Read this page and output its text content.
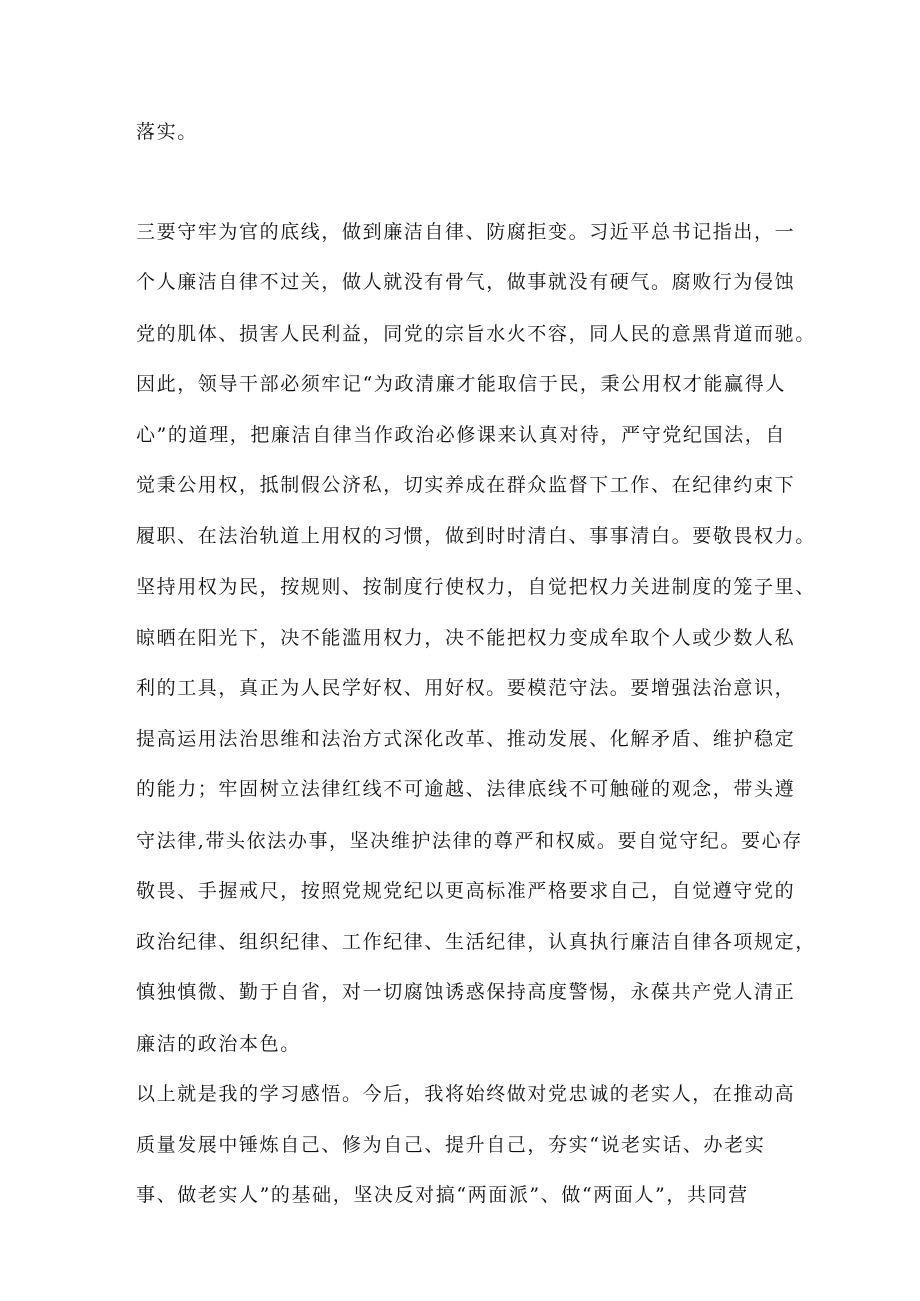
落实。
三要守牢为官的底线，做到廉洁自律、防腐拒变。习近平总书记指出，一
个人廉洁自律不过关，做人就没有骨气，做事就没有硬气。腐败行为侵蚀
党的肌体、损害人民利益，同党的宗旨水火不容，同人民的意黑背道而驰。
因此，领导干部必须牢记“为政清廉才能取信于民，秉公用权才能赢得人
心”的道理，把廉洁自律当作政治必修课来认真对待，严守党纪国法，自
觉秉公用权，抵制假公济私，切实养成在群众监督下工作、在纪律约束下
履职、在法治轨道上用权的习惯，做到时时清白、事事清白。要敬畏权力。
坚持用权为民，按规则、按制度行使权力，自觉把权力关进制度的笼子里、
晾晒在阳光下，决不能滥用权力，决不能把权力变成牟取个人或少数人私
利的工具，真正为人民学好权、用好权。要模范守法。要增强法治意识，
提高运用法治思维和法治方式深化改革、推动发展、化解矛盾、维护稳定
的能力；牢固树立法律红线不可逾越、法律底线不可触碰的观念，带头遵
守法律,带头依法办事，坚决维护法律的尊严和权威。要自觉守纪。要心存
敬畏、手握戒尺，按照党规党纪以更高标准严格要求自己，自觉遵守党的
政治纪律、组织纪律、工作纪律、生活纪律，认真执行廉洁自律各项规定，
慎独慎微、勤于自省，对一切腐蚀诱惑保持高度警惕，永葆共产党人清正
廉洁的政治本色。
以上就是我的学习感悟。今后，我将始终做对党忠诚的老实人，在推动高
质量发展中锤炼自己、修为自己、提升自己，夯实“说老实话、办老实
事、做老实人”的基础，坚决反对搞“两面派”、做“两面人”，共同营
